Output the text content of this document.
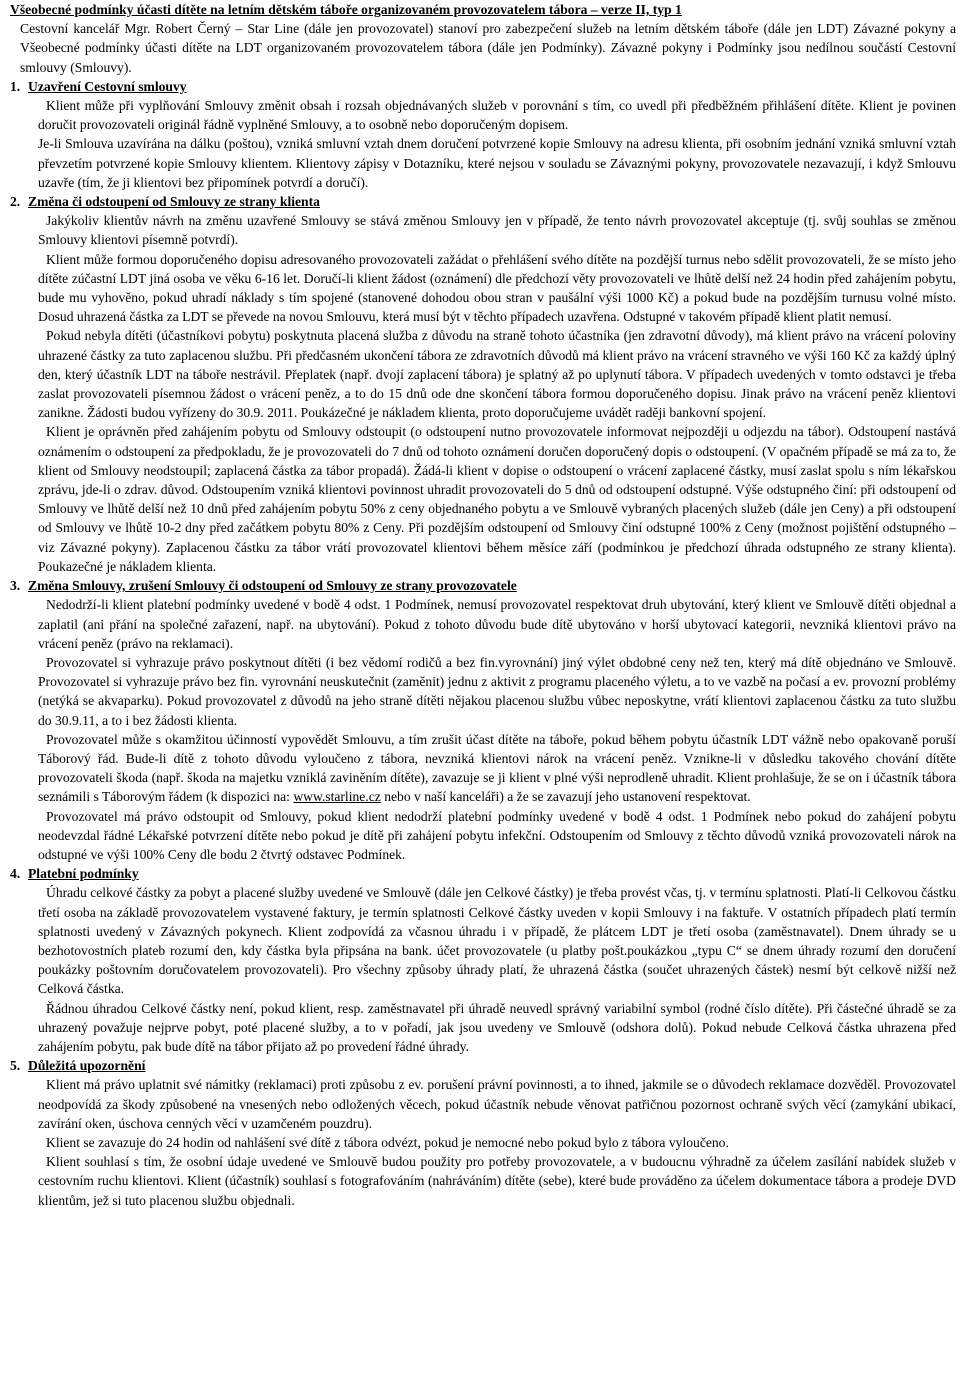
Všeobecné podmínky účasti dítěte na letním dětském táboře organizovaném provozovatelem tábora – verze II, typ 1

Cestovní kancelář Mgr. Robert Černý – Star Line (dále jen provozovatel) stanoví pro zabezpečení služeb na letním dětském táboře (dále jen LDT) Závazné pokyny a Všeobecné podmínky účasti dítěte na LDT organizovaném provozovatelem tábora (dále jen Podmínky). Závazné pokyny i Podmínky jsou nedílnou součástí Cestovní smlouvy (Smlouvy).

1. Uzavření Cestovní smlouvy

Klient může při vyplňování Smlouvy změnit obsah i rozsah objednávaných služeb v porovnání s tím, co uvedl při předběžném přihlášení dítěte. Klient je povinen doručit provozovateli originál řádně vyplněné Smlouvy, a to osobně nebo doporučeným dopisem.

Je-li Smlouva uzavírána na dálku (poštou), vzniká smluvní vztah dnem doručení potvrzené kopie Smlouvy na adresu klienta, při osobním jednání vzniká smluvní vztah převzetím potvrzené kopie Smlouvy klientem. Klientovy zápisy v Dotazníku, které nejsou v souladu se Závaznými pokyny, provozovatele nezavazují, i když Smlouvu uzavře (tím, že ji klientovi bez připomínek potvrdí a doručí).

2. Změna či odstoupení od Smlouvy ze strany klienta

Jakýkoliv klientův návrh na změnu uzavřené Smlouvy se stává změnou Smlouvy jen v případě, že tento návrh provozovatel akceptuje (tj. svůj souhlas se změnou Smlouvy klientovi písemně potvrdí).

Klient může formou doporučeného dopisu adresovaného provozovateli zažádat o přehlášení svého dítěte na pozdější turnus nebo sdělit provozovateli, že se místo jeho dítěte zúčastní LDT jiná osoba ve věku 6-16 let. Doručí-li klient žádost (oznámení) dle předchozí věty provozovateli ve lhůtě delší než 24 hodin před zahájením pobytu, bude mu vyhověno, pokud uhradí náklady s tím spojené (stanovené dohodou obou stran v paušální výši 1000 Kč) a pokud bude na pozdějším turnusu volné místo. Dosud uhrazená částka za LDT se převede na novou Smlouvu, která musí být v těchto případech uzavřena. Odstupné v takovém případě klient platit nemusí.

Pokud nebyla dítěti (účastníkovi pobytu) poskytnuta placená služba z důvodu na straně tohoto účastníka (jen zdravotní důvody), má klient právo na vrácení poloviny uhrazené částky za tuto zaplacenou službu. Při předčasném ukončení tábora ze zdravotních důvodů má klient právo na vrácení stravného ve výši 160 Kč za každý úplný den, který účastník LDT na táboře nestrávil. Přeplatek (např. dvojí zaplacení tábora) je splatný až po uplynutí tábora. V případech uvedených v tomto odstavci je třeba zaslat provozovateli písemnou žádost o vrácení peněz, a to do 15 dnů ode dne skončení tábora formou doporučeného dopisu. Jinak právo na vrácení peněz klientovi zanikne. Žádosti budou vyřízeny do 30.9. 2011. Poukázečné je nákladem klienta, proto doporučujeme uvádět raději bankovní spojení.

Klient je oprávněn před zahájením pobytu od Smlouvy odstoupit (o odstoupení nutno provozovatele informovat nejpozději u odjezdu na tábor). Odstoupení nastává oznámením o odstoupení za předpokladu, že je provozovateli do 7 dnů od tohoto oznámení doručen doporučený dopis o odstoupení. (V opačném případě se má za to, že klient od Smlouvy neodstoupil; zaplacená částka za tábor propadá). Žádá-li klient v dopise o odstoupení o vrácení zaplacené částky, musí zaslat spolu s ním lékařskou zprávu, jde-li o zdrav. důvod. Odstoupením vzniká klientovi povinnost uhradit provozovateli do 5 dnů od odstoupení odstupné. Výše odstupného činí: při odstoupení od Smlouvy ve lhůtě delší než 10 dnů před zahájením pobytu 50% z ceny objednaného pobytu a ve Smlouvě vybraných placených služeb (dále jen Ceny) a při odstoupení od Smlouvy ve lhůtě 10-2 dny před začátkem pobytu 80% z Ceny. Při pozdějším odstoupení od Smlouvy činí odstupné 100% z Ceny (možnost pojištění odstupného – viz Závazné pokyny). Zaplacenou částku za tábor vrátí provozovatel klientovi během měsíce září (podmínkou je předchozí úhrada odstupného ze strany klienta). Poukazečné je nákladem klienta.

3. Změna Smlouvy, zrušení Smlouvy či odstoupení od Smlouvy ze strany provozovatele

Nedodrží-li klient platební podmínky uvedené v bodě 4 odst. 1 Podmínek, nemusí provozovatel respektovat druh ubytování, který klient ve Smlouvě dítěti objednal a zaplatil (ani přání na společné zařazení, např. na ubytování). Pokud z tohoto důvodu bude dítě ubytováno v horší ubytovací kategorii, nevzniká klientovi právo na vrácení peněz (právo na reklamaci).

Provozovatel si vyhrazuje právo poskytnout dítěti (i bez vědomí rodičů a bez fin.vyrovnání) jiný výlet obdobné ceny než ten, který má dítě objednáno ve Smlouvě. Provozovatel si vyhrazuje právo bez fin. vyrovnání neuskutečnit (zaměnit) jednu z aktivit z programu placeného výletu, a to ve vazbě na počasí a ev. provozní problémy (netýká se akvaparku). Pokud provozovatel z důvodů na jeho straně dítěti nějakou placenou službu vůbec neposkytne, vrátí klientovi zaplacenou částku za tuto službu do 30.9.11, a to i bez žádosti klienta.

Provozovatel může s okamžitou účinností vypovědět Smlouvu, a tím zrušit účast dítěte na táboře, pokud během pobytu účastník LDT vážně nebo opakovaně poruší Táborový řád. Bude-li dítě z tohoto důvodu vyloučeno z tábora, nevzniká klientovi nárok na vrácení peněz. Vznikne-li v důsledku takového chování dítěte provozovateli škoda (např. škoda na majetku vzniklá zaviněním dítěte), zavazuje se ji klient v plné výši neprodleně uhradit. Klient prohlašuje, že se on i účastník tábora seznámili s Táborovým řádem (k dispozici na: www.starline.cz nebo v naší kanceláři) a že se zavazují jeho ustanovení respektovat.

Provozovatel má právo odstoupit od Smlouvy, pokud klient nedodrží platební podmínky uvedené v bodě 4 odst. 1 Podmínek nebo pokud do zahájení pobytu neodevzdal řádné Lékařské potvrzení dítěte nebo pokud je dítě při zahájení pobytu infekční. Odstoupením od Smlouvy z těchto důvodů vzniká provozovateli nárok na odstupné ve výši 100% Ceny dle bodu 2 čtvrtý odstavec Podmínek.

4. Platební podmínky

Úhradu celkové částky za pobyt a placené služby uvedené ve Smlouvě (dále jen Celkové částky) je třeba provést včas, tj. v termínu splatnosti. Platí-li Celkovou částku třetí osoba na základě provozovatelem vystavené faktury, je termín splatnosti Celkové částky uveden v kopii Smlouvy i na faktuře. V ostatních případech platí termín splatnosti uvedený v Závazných pokynech. Klient zodpovídá za včasnou úhradu i v případě, že plátcem LDT je třetí osoba (zaměstnavatel). Dnem úhrady se u bezhotovostních plateb rozumí den, kdy částka byla připsána na bank. účet provozovatele (u platby pošt.poukázkou „typu C“ se dnem úhrady rozumí den doručení poukázky poštovním doručovatelem provozovateli). Pro všechny způsoby úhrady platí, že uhrazená částka (součet uhrazených částek) nesmí být celkově nižší než Celková částka.

Řádnou úhradou Celkové částky není, pokud klient, resp. zaměstnavatel při úhradě neuvedl správný variabilní symbol (rodné číslo dítěte). Při částečné úhradě se za uhrazený považuje nejprve pobyt, poté placené služby, a to v pořadí, jak jsou uvedeny ve Smlouvě (odshora dolů). Pokud nebude Celková částka uhrazena před zahájením pobytu, pak bude dítě na tábor přijato až po provedení řádné úhrady.

5. Důležitá upozornění

Klient má právo uplatnit své námitky (reklamaci) proti způsobu z ev. porušení právní povinnosti, a to ihned, jakmile se o důvodech reklamace dozvěděl. Provozovatel neodpovídá za škody způsobené na vnesených nebo odložených věcech, pokud účastník nebude věnovat patřičnou pozornost ochraně svých věcí (zamykání ubikací, zavírání oken, úschova cenných věcí v uzamčeném pouzdru).

Klient se zavazuje do 24 hodin od nahlášení své dítě z tábora odvézt, pokud je nemocné nebo pokud bylo z tábora vyloučeno.

Klient souhlasí s tím, že osobní údaje uvedené ve Smlouvě budou použity pro potřeby provozovatele, a v budoucnu výhradně za účelem zasílání nabídek služeb v cestovním ruchu klientovi. Klient (účastník) souhlasí s fotografováním (nahráváním) dítěte (sebe), které bude prováděno za účelem dokumentace tábora a prodeje DVD klientům, jež si tuto placenou službu objednali.
